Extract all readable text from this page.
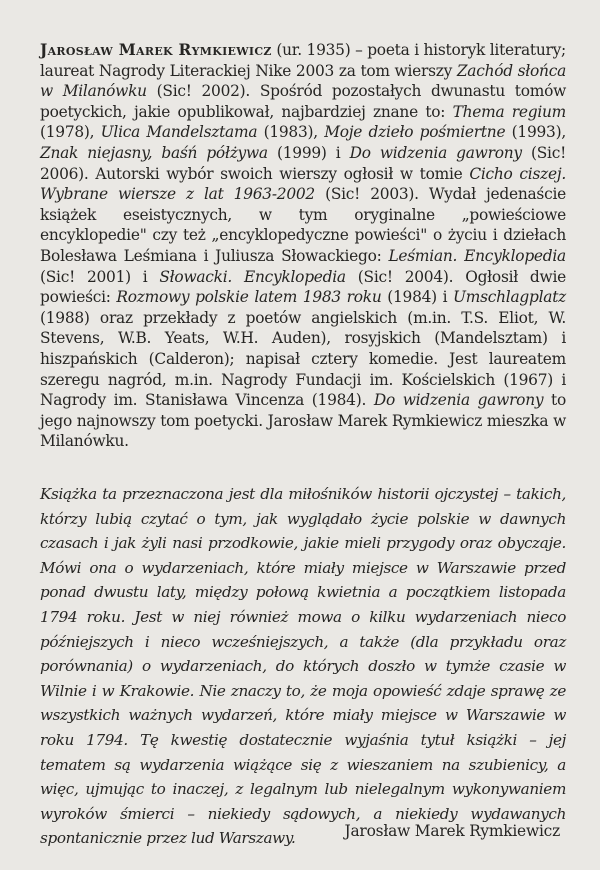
Jarosław Marek Rymkiewicz (ur. 1935) – poeta i historyk literatury; laureat Nagrody Literackiej Nike 2003 za tom wierszy Zachód słońca w Milanówku (Sic! 2002). Spośród pozostałych dwunastu tomów poetyckich, jakie opublikował, najbardziej znane to: Thema regium (1978), Ulica Mandelsztama (1983), Moje dzieło pośmiertne (1993), Znak niejasny, baśń półżywa (1999) i Do widzenia gawrony (Sic! 2006). Autorski wybór swoich wierszy ogłosił w tomie Cicho ciszej. Wybrane wiersze z lat 1963-2002 (Sic! 2003). Wydał jedenaście książek eseistycznych, w tym oryginalne „powieściowe encyklopedie" czy też „encyklopedyczne powieści" o życiu i dziełach Bolesława Leśmiana i Juliusza Słowackiego: Leśmian. Encyklopedia (Sic! 2001) i Słowacki. Encyklopedia (Sic! 2004). Ogłosił dwie powieści: Rozmowy polskie latem 1983 roku (1984) i Umschlagplatz (1988) oraz przekłady z poetów angielskich (m.in. T.S. Eliot, W. Stevens, W.B. Yeats, W.H. Auden), rosyjskich (Mandelsztam) i hiszpańskich (Calderon); napisał cztery komedie. Jest laureatem szeregu nagród, m.in. Nagrody Fundacji im. Kościelskich (1967) i Nagrody im. Stanisława Vincenza (1984). Do widzenia gawrony to jego najnowszy tom poetycki. Jarosław Marek Rymkiewicz mieszka w Milanówku.

Książka ta przeznaczona jest dla miłośników historii ojczystej – takich, którzy lubią czytać o tym, jak wyglądało życie polskie w dawnych czasach i jak żyli nasi przodkowie, jakie mieli przygody oraz obyczaje. Mówi ona o wydarzeniach, które miały miejsce w Warszawie przed ponad dwustu laty, między połową kwietnia a początkiem listopada 1794 roku. Jest w niej również mowa o kilku wydarzeniach nieco późniejszych i nieco wcześniejszych, a także (dla przykładu oraz porównania) o wydarzeniach, do których doszło w tymże czasie w Wilnie i w Krakowie. Nie znaczy to, że moja opowieść zdaje sprawę ze wszystkich ważnych wydarzeń, które miały miejsce w Warszawie w roku 1794. Tę kwestię dostatecznie wyjaśnia tytuł książki – jej tematem są wydarzenia wiążące się z wieszaniem na szubienicy, a więc, ujmując to inaczej, z legalnym lub nielegalnym wykonywaniem wyroków śmierci – niekiedy sądowych, a niekiedy wydawanych spontanicznie przez lud Warszawy.	Jarosław Marek Rymkiewicz
